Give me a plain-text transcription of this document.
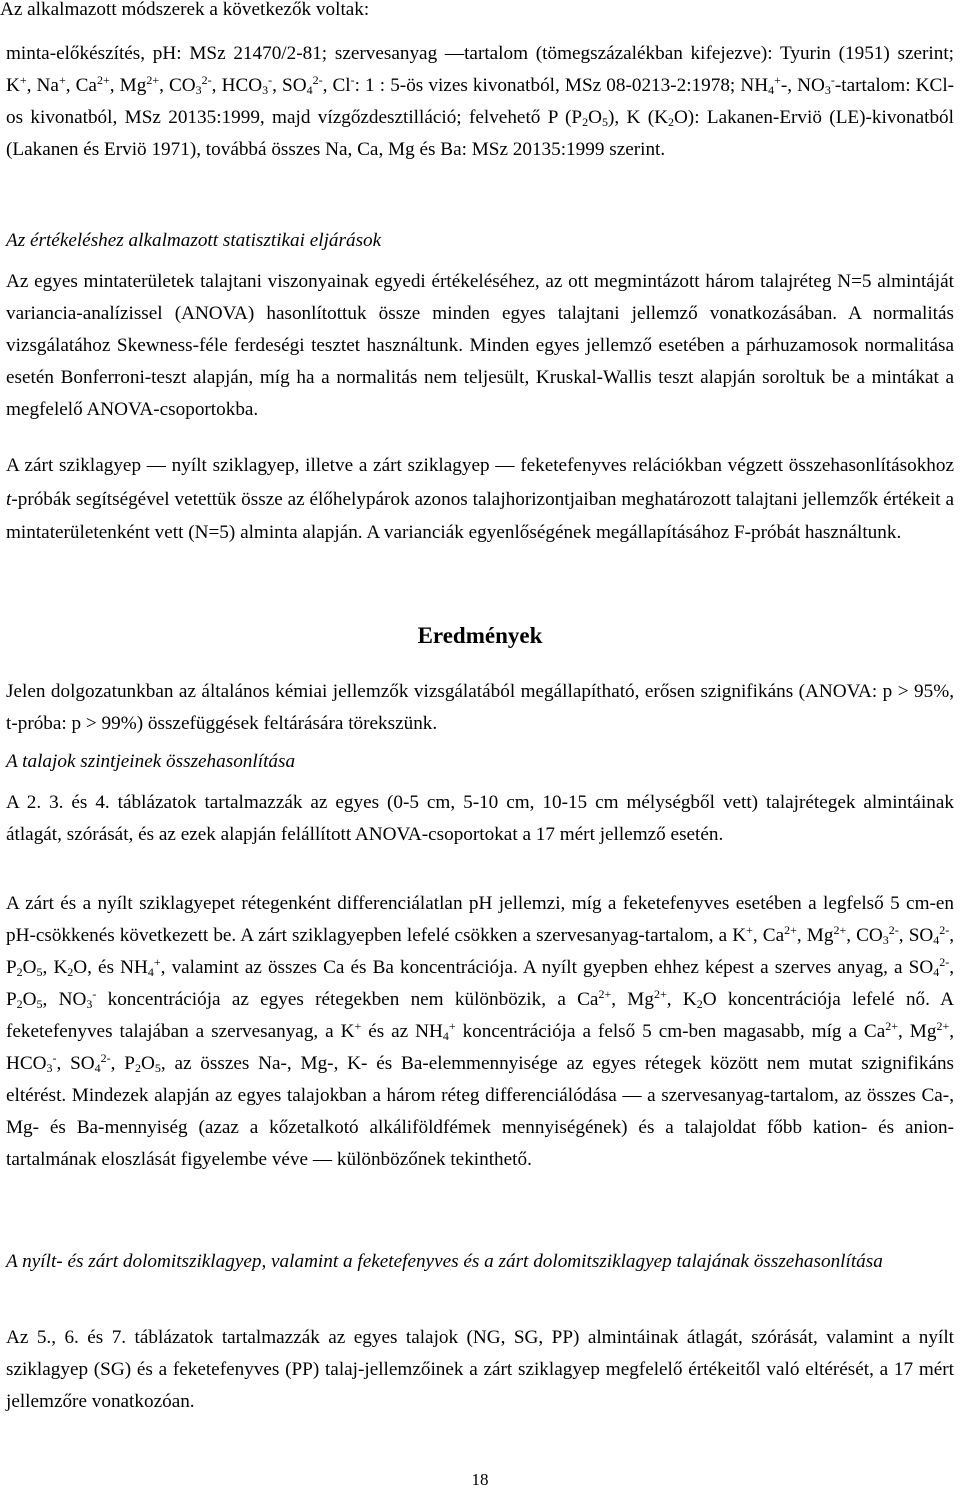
Az alkalmazott módszerek a következők voltak:

minta-előkészítés, pH: MSz 21470/2-81; szervesanyag —tartalom (tömegszázalékban kifejezve): Tyurin (1951) szerint; K+, Na+, $Ca^{2+}$, $Mg^{2+}$, $CO_3^{2-}$, $HCO_3^-$, $SO_4^{2-}$, Cl-: 1 : 5-ös vizes kivonatból, MSz 08-0213-2:1978; $NH_4^+-$, $NO_3^-$-tartalom: KCl-os kivonatból, MSz 20135:1999, majd vízgőzdesztilláció; felvehető P $(P_2O_5)$, K $(K_2O)$: Lakanen-Erviö (LE)-kivonatból (Lakanen és Erviö 1971), továbbá összes Na, Ca, Mg és Ba: MSz 20135:1999 szerint.

Az értékeléshez alkalmazott statisztikai eljárások

Az egyes mintaterületek talajtani viszonyainak egyedi értékeléséhez, az ott megmintázott három talajréteg N=5 almintáját variancia-analízissel (ANOVA) hasonlítottuk össze minden egyes talajtani jellemző vonatkozásában. A normalitás vizsgálatához Skewness-féle ferdeségi tesztet használtunk. Minden egyes jellemző esetében a párhuzamosok normalitása esetén Bonferroni-teszt alapján, míg ha a normalitás nem teljesült, Kruskal-Wallis teszt alapján soroltuk be a mintákat a megfelelő ANOVA-csoportokba.

A zárt sziklagyep — nyílt sziklagyep, illetve a zárt sziklagyep — feketefenyves relációkban végzett összehasonlításokhoz t-próbák segítségével vetettük össze az élőhelypárok azonos talajhorizontjaiban meghatározott talajtani jellemzők értékeit a mintaterületenként vett (N=5) alminta alapján. A varianciák egyenlőségének megállapításához F-próbát használtunk.

Eredmények

Jelen dolgozatunkban az általános kémiai jellemzők vizsgálatából megállapítható, erősen szignifikáns (ANOVA: p > 95%, t-próba: p > 99%) összefüggések feltárására törekszünk.

A talajok szintjeinek összehasonlítása

A 2. 3. és 4. táblázatok tartalmazzák az egyes (0-5 cm, 5-10 cm, 10-15 cm mélységből vett) talajrétegek almintáinak átlagát, szórását, és az ezek alapján felállított ANOVA-csoportokat a 17 mért jellemző esetén.

A zárt és a nyílt sziklagyepet rétegenként differenciálatlan pH jellemzi, míg a feketefenyves esetében a legfelső 5 cm-en pH-csökkenés következett be. A zárt sziklagyepben lefelé csökken a szervesanyag-tartalom, a K+, $Ca^{2+}$, $Mg^{2+}$, $CO_3^{2-}$, $SO_4^{2-}$, $P_2O_5$, $K_2O$, és $NH_4^+$, valamint az összes Ca és Ba koncentrációja. A nyílt gyepben ehhez képest a szerves anyag, a $SO_4^{2-}$, $P_2O_5$, $NO_3^-$ koncentrációja az egyes rétegekben nem különbözik, a $Ca^{2+}$, $Mg^{2+}$, $K_2O$ koncentrációja lefelé nő. A feketefenyves talajában a szervesanyag, a K+ és az $NH_4^+$ koncentrációja a felső 5 cm-ben magasabb, míg a $Ca^{2+}$, $Mg^{2+}$, $HCO_3^-$, $SO_4^{2-}$, $P_2O_5$, az összes Na-, Mg-, K- és Ba-elemmennyisége az egyes rétegek között nem mutat szignifikáns eltérést. Mindezek alapján az egyes talajokban a három réteg differenciálódása — a szervesanyag-tartalom, az összes Ca-, Mg- és Ba-mennyiség (azaz a kőzetalkotó alkáliföldfémek mennyiségének) és a talajoldat főbb kation- és anion-tartalmának eloszlását figyelembe véve — különbözőnek tekinthető.

A nyílt- és zárt dolomitsziklagyep, valamint a feketefenyves és a zárt dolomitsziklagyep talajának összehasonlítása

Az 5., 6. és 7. táblázatok tartalmazzák az egyes talajok (NG, SG, PP) almintáinak átlagát, szórását, valamint a nyílt sziklagyep (SG) és a feketefenyves (PP) talaj-jellemzőinek a zárt sziklagyep megfelelő értékeitől való eltérését, a 17 mért jellemzőre vonatkozóan.

18
